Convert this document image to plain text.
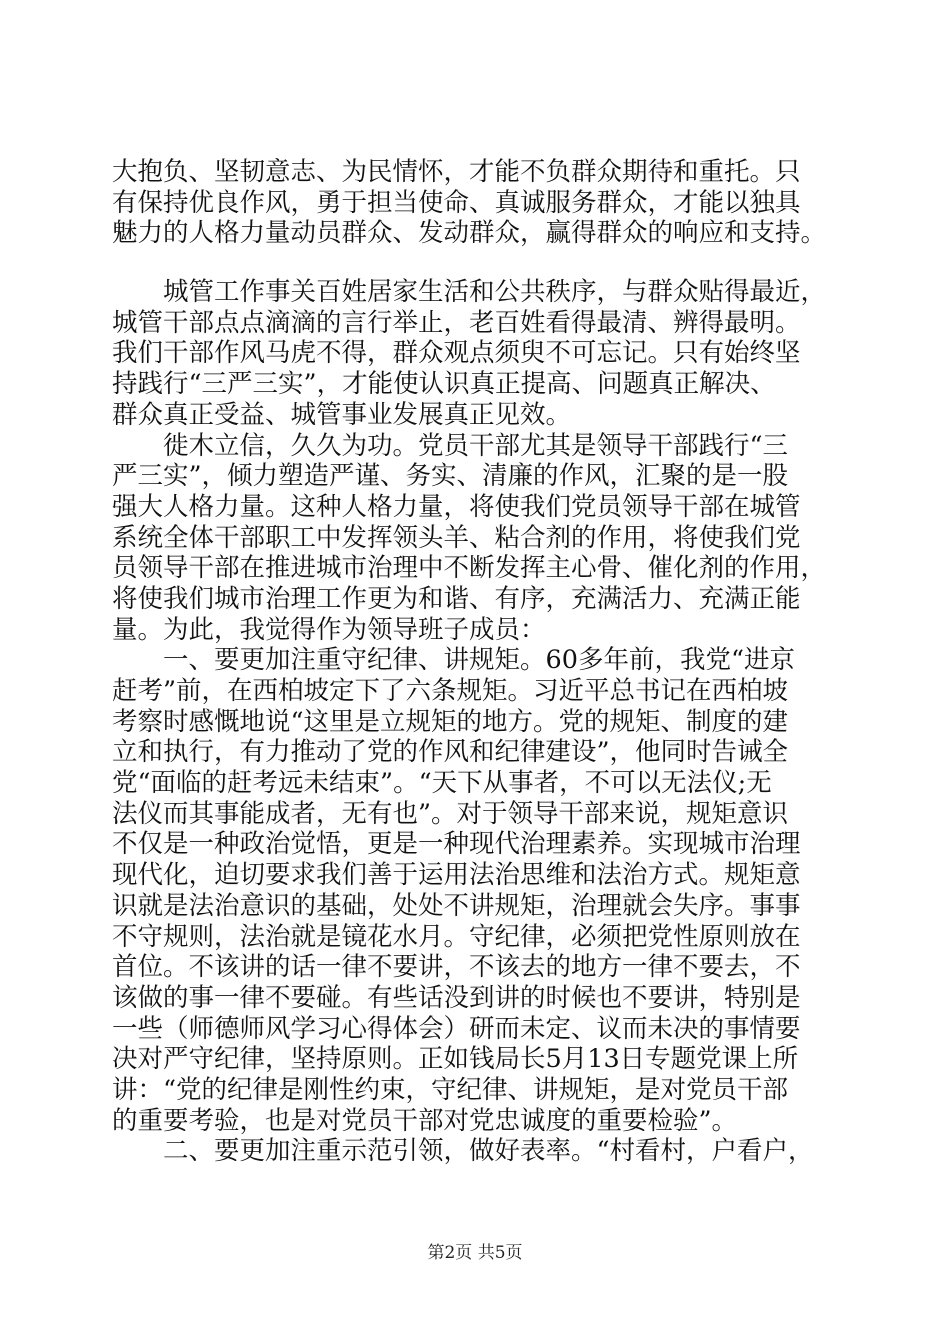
大抱负、坚韧意志、为民情怀，才能不负群众期待和重托。只
有保持优良作风，勇于担当使命、真诚服务群众，才能以独具
魅力的人格力量动员群众、发动群众，赢得群众的响应和支持。
　　城管工作事关百姓居家生活和公共秩序，与群众贴得最近，
城管干部点点滴滴的言行举止，老百姓看得最清、辨得最明。
我们干部作风马虎不得，群众观点须臾不可忘记。只有始终坚
持践行“三严三实”，才能使认识真正提高、问题真正解决、
群众真正受益、城管事业发展真正见效。
　　徙木立信，久久为功。党员干部尤其是领导干部践行“三
严三实”，倾力塑造严谨、务实、清廉的作风，汇聚的是一股
强大人格力量。这种人格力量，将使我们党员领导干部在城管
系统全体干部职工中发挥领头羊、粘合剂的作用，将使我们党
员领导干部在推进城市治理中不断发挥主心骨、催化剂的作用，
将使我们城市治理工作更为和谐、有序，充满活力、充满正能
量。为此，我觉得作为领导班子成员：
　　一、要更加注重守纪律、讲规矩。60多年前，我党“进京
赶考”前，在西柏坡定下了六条规矩。习近平总书记在西柏坡
考察时感慨地说“这里是立规矩的地方。党的规矩、制度的建
立和执行，有力推动了党的作风和纪律建设”，他同时告诫全
党“面临的赶考远未结束”。“天下从事者，不可以无法仪;无
法仪而其事能成者，无有也”。对于领导干部来说，规矩意识
不仅是一种政治觉悟，更是一种现代治理素养。实现城市治理
现代化，迫切要求我们善于运用法治思维和法治方式。规矩意
识就是法治意识的基础，处处不讲规矩，治理就会失序。事事
不守规则，法治就是镜花水月。守纪律，必须把党性原则放在
首位。不该讲的话一律不要讲，不该去的地方一律不要去，不
该做的事一律不要碰。有些话没到讲的时候也不要讲，特别是
一些（师德师风学习心得体会）研而未定、议而未决的事情要
决对严守纪律，坚持原则。正如钱局长5月13日专题党课上所
讲：“党的纪律是刚性约束，守纪律、讲规矩，是对党员干部
的重要考验，也是对党员干部对党忠诚度的重要检验”。
　　二、要更加注重示范引领，做好表率。“村看村，户看户，
第2页 共5页
